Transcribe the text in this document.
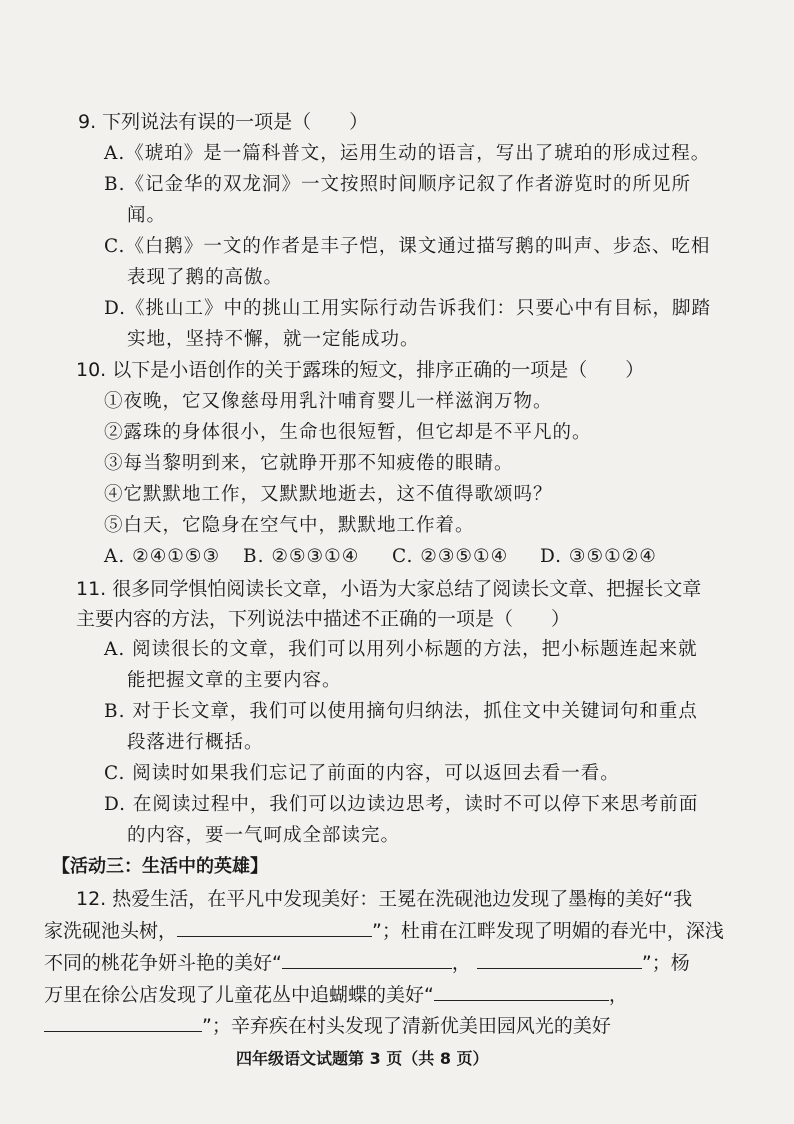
9. 下列说法有误的一项是（　　）
A.《琥珀》是一篇科普文，运用生动的语言，写出了琥珀的形成过程。
B.《记金华的双龙洞》一文按照时间顺序记叙了作者游览时的所见所
闻。
C.《白鹅》一文的作者是丰子恺，课文通过描写鹅的叫声、步态、吃相
表现了鹅的高傲。
D.《挑山工》中的挑山工用实际行动告诉我们：只要心中有目标，脚踏
实地，坚持不懈，就一定能成功。
10. 以下是小语创作的关于露珠的短文，排序正确的一项是（　　）
①夜晚，它又像慈母用乳汁哺育婴儿一样滋润万物。
②露珠的身体很小，生命也很短暂，但它却是不平凡的。
③每当黎明到来，它就睁开那不知疲倦的眼睛。
④它默默地工作，又默默地逝去，这不值得歌颂吗？
⑤白天，它隐身在空气中，默默地工作着。
A. ②④①⑤③ B. ②⑤③①④ C. ②③⑤①④ D. ③⑤①②④
11. 很多同学惧怕阅读长文章，小语为大家总结了阅读长文章、把握长文章
主要内容的方法，下列说法中描述不正确的一项是（　　）
A. 阅读很长的文章，我们可以用列小标题的方法，把小标题连起来就
能把握文章的主要内容。
B. 对于长文章，我们可以使用摘句归纳法，抓住文中关键词句和重点
段落进行概括。
C. 阅读时如果我们忘记了前面的内容，可以返回去看一看。
D. 在阅读过程中，我们可以边读边思考，读时不可以停下来思考前面
的内容，要一气呵成全部读完。
【活动三：生活中的英雄】
12. 热爱生活，在平凡中发现美好：王冕在洗砚池边发现了墨梅的美好“我
家洗砚池头树，	”；杜甫在江畔发现了明媚的春光中，深浅
不同的桃花争妍斗艳的美好“	，	”；杨
万里在徐公店发现了儿童花丛中追蝴蝶的美好“	，
”；辛弃疾在村头发现了清新优美田园风光的美好
四年级语文试题第 3 页（共 8 页）
